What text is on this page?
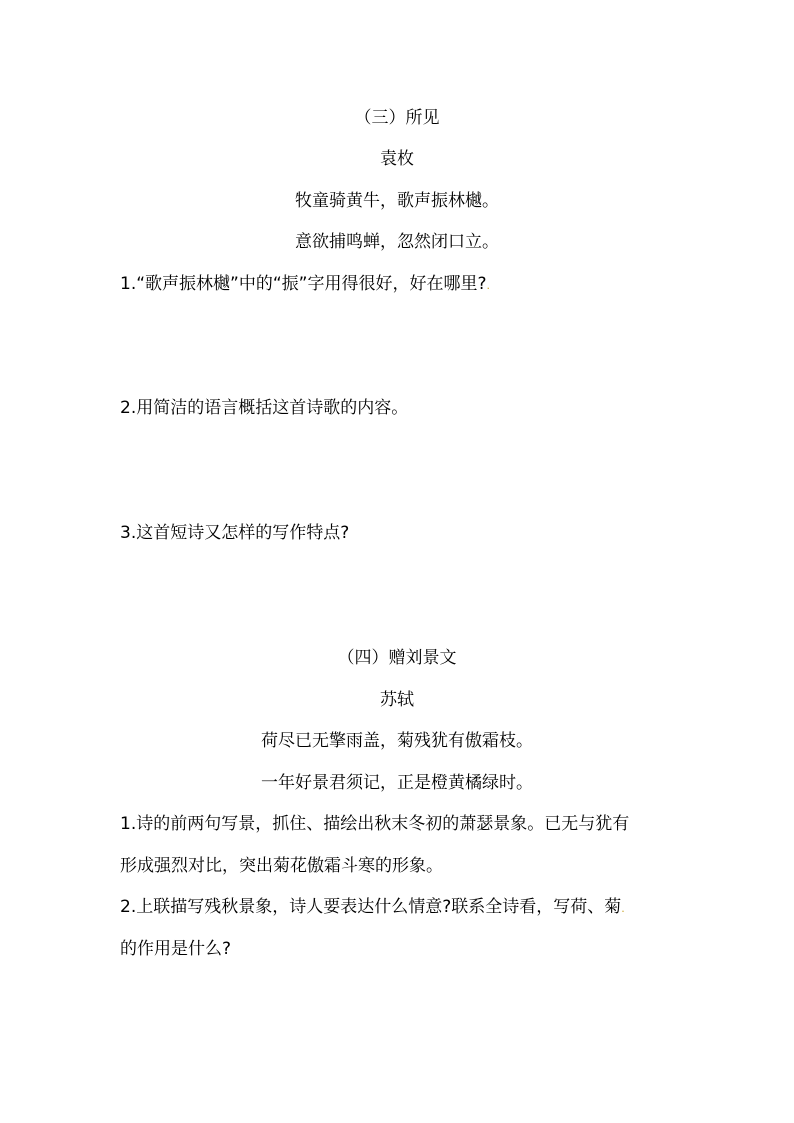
（三）所见
袁枚
牧童骑黄牛，歌声振林樾。
意欲捕鸣蝉，忽然闭口立。
1.“歌声振林樾”中的“振”字用得很好，好在哪里?.
2.用简洁的语言概括这首诗歌的内容。
3.这首短诗又怎样的写作特点?
（四）赠刘景文
苏轼
荷尽已无擎雨盖，菊残犹有傲霜枝。
一年好景君须记，正是橙黄橘绿时。
1.诗的前两句写景，抓住、描绘出秋末冬初的萧瑟景象。已无与犹有
形成强烈对比，突出菊花傲霜斗寒的形象。
2.上联描写残秋景象，诗人要表达什么情意?联系全诗看，写荷、菊.
的作用是什么?
